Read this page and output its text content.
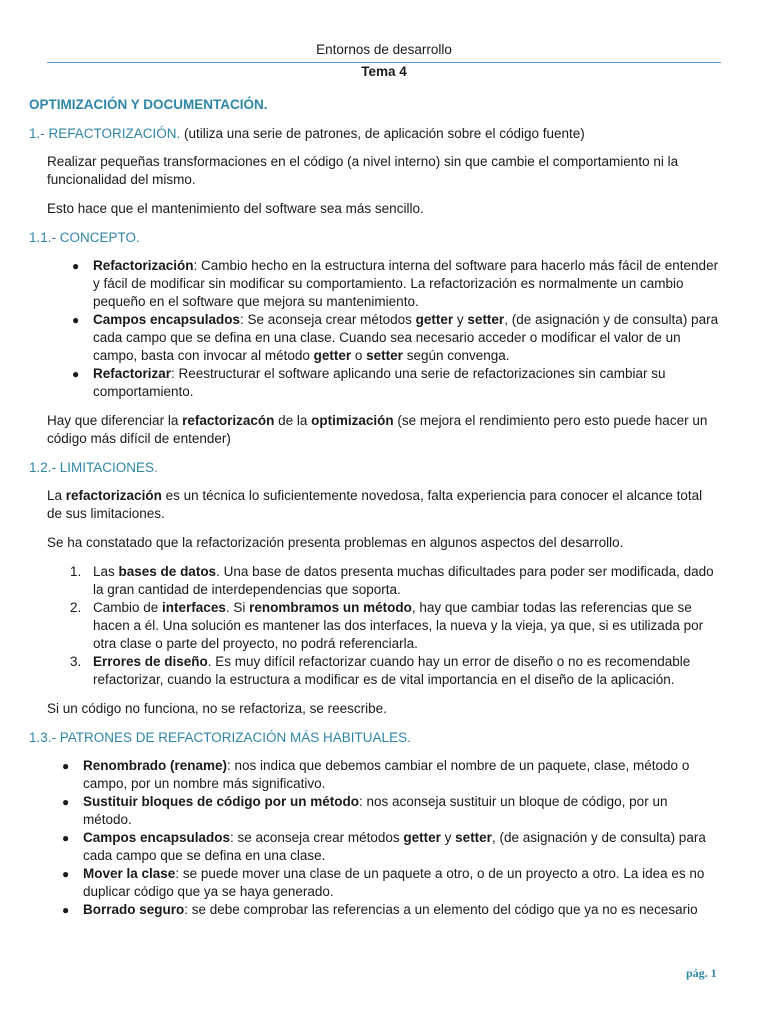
Entornos de desarrollo
Tema 4

OPTIMIZACIÓN Y DOCUMENTACIÓN.

1.- REFACTORIZACIÓN. (utiliza una serie de patrones, de aplicación sobre el código fuente)

Realizar pequeñas transformaciones en el código (a nivel interno) sin que cambie el comportamiento ni la funcionalidad del mismo.

Esto hace que el mantenimiento del software sea más sencillo.

1.1.- CONCEPTO.

● Refactorización: Cambio hecho en la estructura interna del software para hacerlo más fácil de entender y fácil de modificar sin modificar su comportamiento. La refactorización es normalmente un cambio pequeño en el software que mejora su mantenimiento.
● Campos encapsulados: Se aconseja crear métodos getter y setter, (de asignación y de consulta) para cada campo que se defina en una clase. Cuando sea necesario acceder o modificar el valor de un campo, basta con invocar al método getter o setter según convenga.
● Refactorizar: Reestructurar el software aplicando una serie de refactorizaciones sin cambiar su comportamiento.

Hay que diferenciar la refactorizacón de la optimización (se mejora el rendimiento pero esto puede hacer un código más difícil de entender)

1.2.- LIMITACIONES.

La refactorización es un técnica lo suficientemente novedosa, falta experiencia para conocer el alcance total de sus limitaciones.

Se ha constatado que la refactorización presenta problemas en algunos aspectos del desarrollo.

1. Las bases de datos. Una base de datos presenta muchas dificultades para poder ser modificada, dado la gran cantidad de interdependencias que soporta.
2. Cambio de interfaces. Si renombramos un método, hay que cambiar todas las referencias que se hacen a él. Una solución es mantener las dos interfaces, la nueva y la vieja, ya que, si es utilizada por otra clase o parte del proyecto, no podrá referenciarla.
3. Errores de diseño. Es muy difícil refactorizar cuando hay un error de diseño o no es recomendable refactorizar, cuando la estructura a modificar es de vital importancia en el diseño de la aplicación.

Si un código no funciona, no se refactoriza, se reescribe.

1.3.- PATRONES DE REFACTORIZACIÓN MÁS HABITUALES.

● Renombrado (rename): nos indica que debemos cambiar el nombre de un paquete, clase, método o campo, por un nombre más significativo.
● Sustituir bloques de código por un método: nos aconseja sustituir un bloque de código, por un método.
● Campos encapsulados: se aconseja crear métodos getter y setter, (de asignación y de consulta) para cada campo que se defina en una clase.
● Mover la clase: se puede mover una clase de un paquete a otro, o de un proyecto a otro. La idea es no duplicar código que ya se haya generado.
● Borrado seguro: se debe comprobar las referencias a un elemento del código que ya no es necesario
pág. 1
